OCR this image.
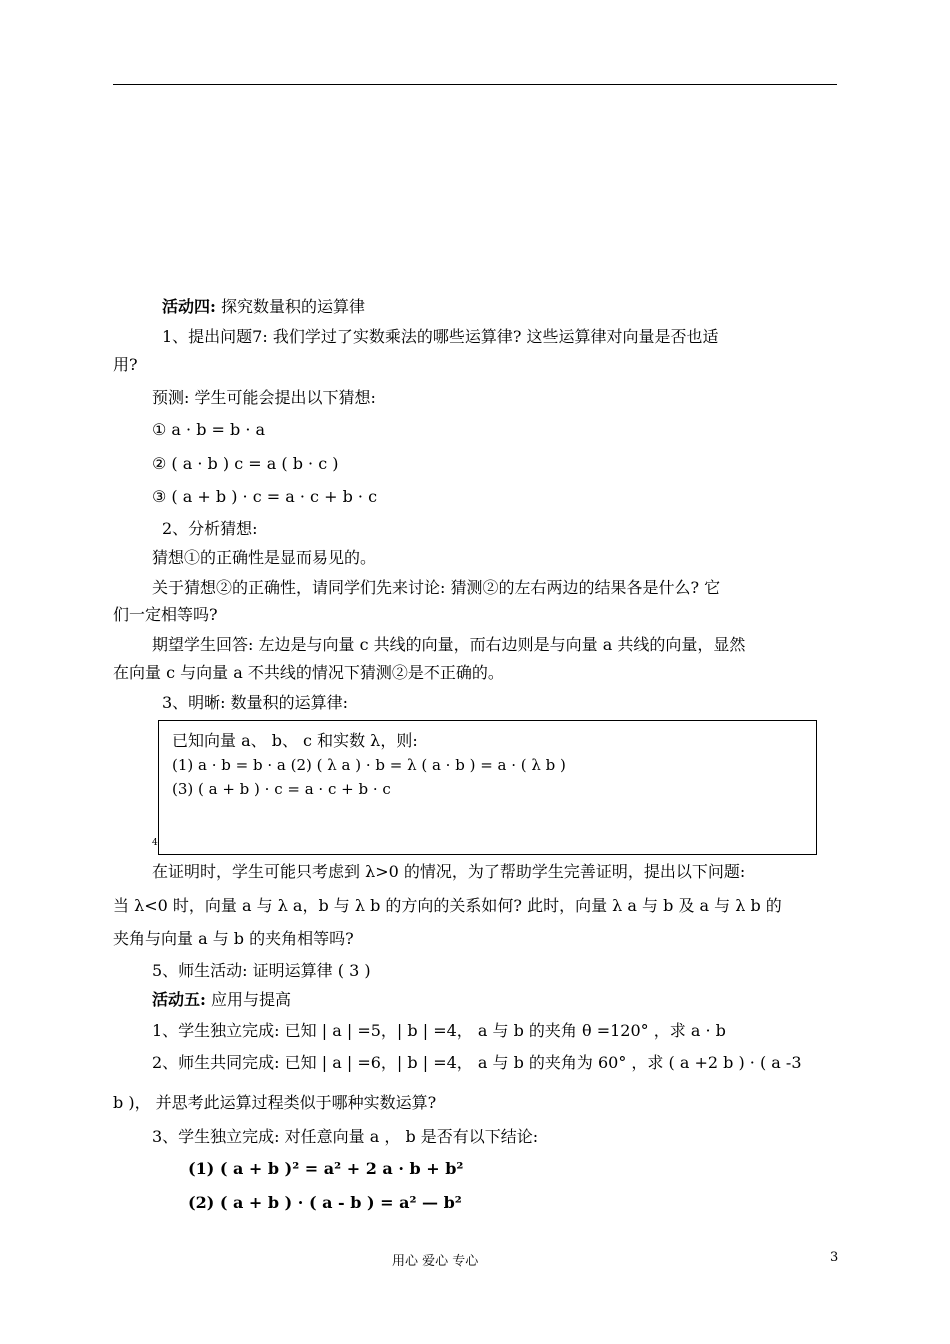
活动四: 探究数量积的运算律
1、提出问题7: 我们学过了实数乘法的哪些运算律? 这些运算律对向量是否也适
用?
预测: 学生可能会提出以下猜想:
① a · b = b · a
② ( a · b ) c = a ( b · c )
③ ( a + b ) · c = a · c + b · c
2、分析猜想:
猜想①的正确性是显而易见的。
关于猜想②的正确性，请同学们先来讨论: 猜测②的左右两边的结果各是什么? 它
们一定相等吗?
期望学生回答: 左边是与向量 c 共线的向量，而右边则是与向量 a 共线的向量，显然
在向量 c 与向量 a 不共线的情况下猜测②是不正确的。
3、明晰: 数量积的运算律:
已知向量 a、 b、 c 和实数 λ，则:
(1) a · b = b · a (2) ( λ a ) · b = λ ( a · b ) = a · ( λ b )
(3) ( a + b ) · c = a · c + b · c
4
在证明时，学生可能只考虑到 λ>0 的情况，为了帮助学生完善证明，提出以下问题:
当 λ<0 时，向量 a 与 λ a，b 与 λ b 的方向的关系如何? 此时，向量 λ a 与 b 及 a 与 λ b 的
夹角与向量 a 与 b 的夹角相等吗?
5、师生活动: 证明运算律 ( 3 )
活动五: 应用与提高
1、学生独立完成: 已知 | a | =5，| b | =4， a 与 b 的夹角 θ =120° ，求 a · b
2、师生共同完成: 已知 | a | =6，| b | =4， a 与 b 的夹角为 60° ，求 ( a +2 b ) · ( a -3
b )， 并思考此运算过程类似于哪种实数运算?
3、学生独立完成: 对任意向量 a ， b 是否有以下结论:
(1) ( a + b )² = a² + 2 a · b + b²
(2) ( a + b ) · ( a - b ) = a² — b²
用心 爱心 专心	3
